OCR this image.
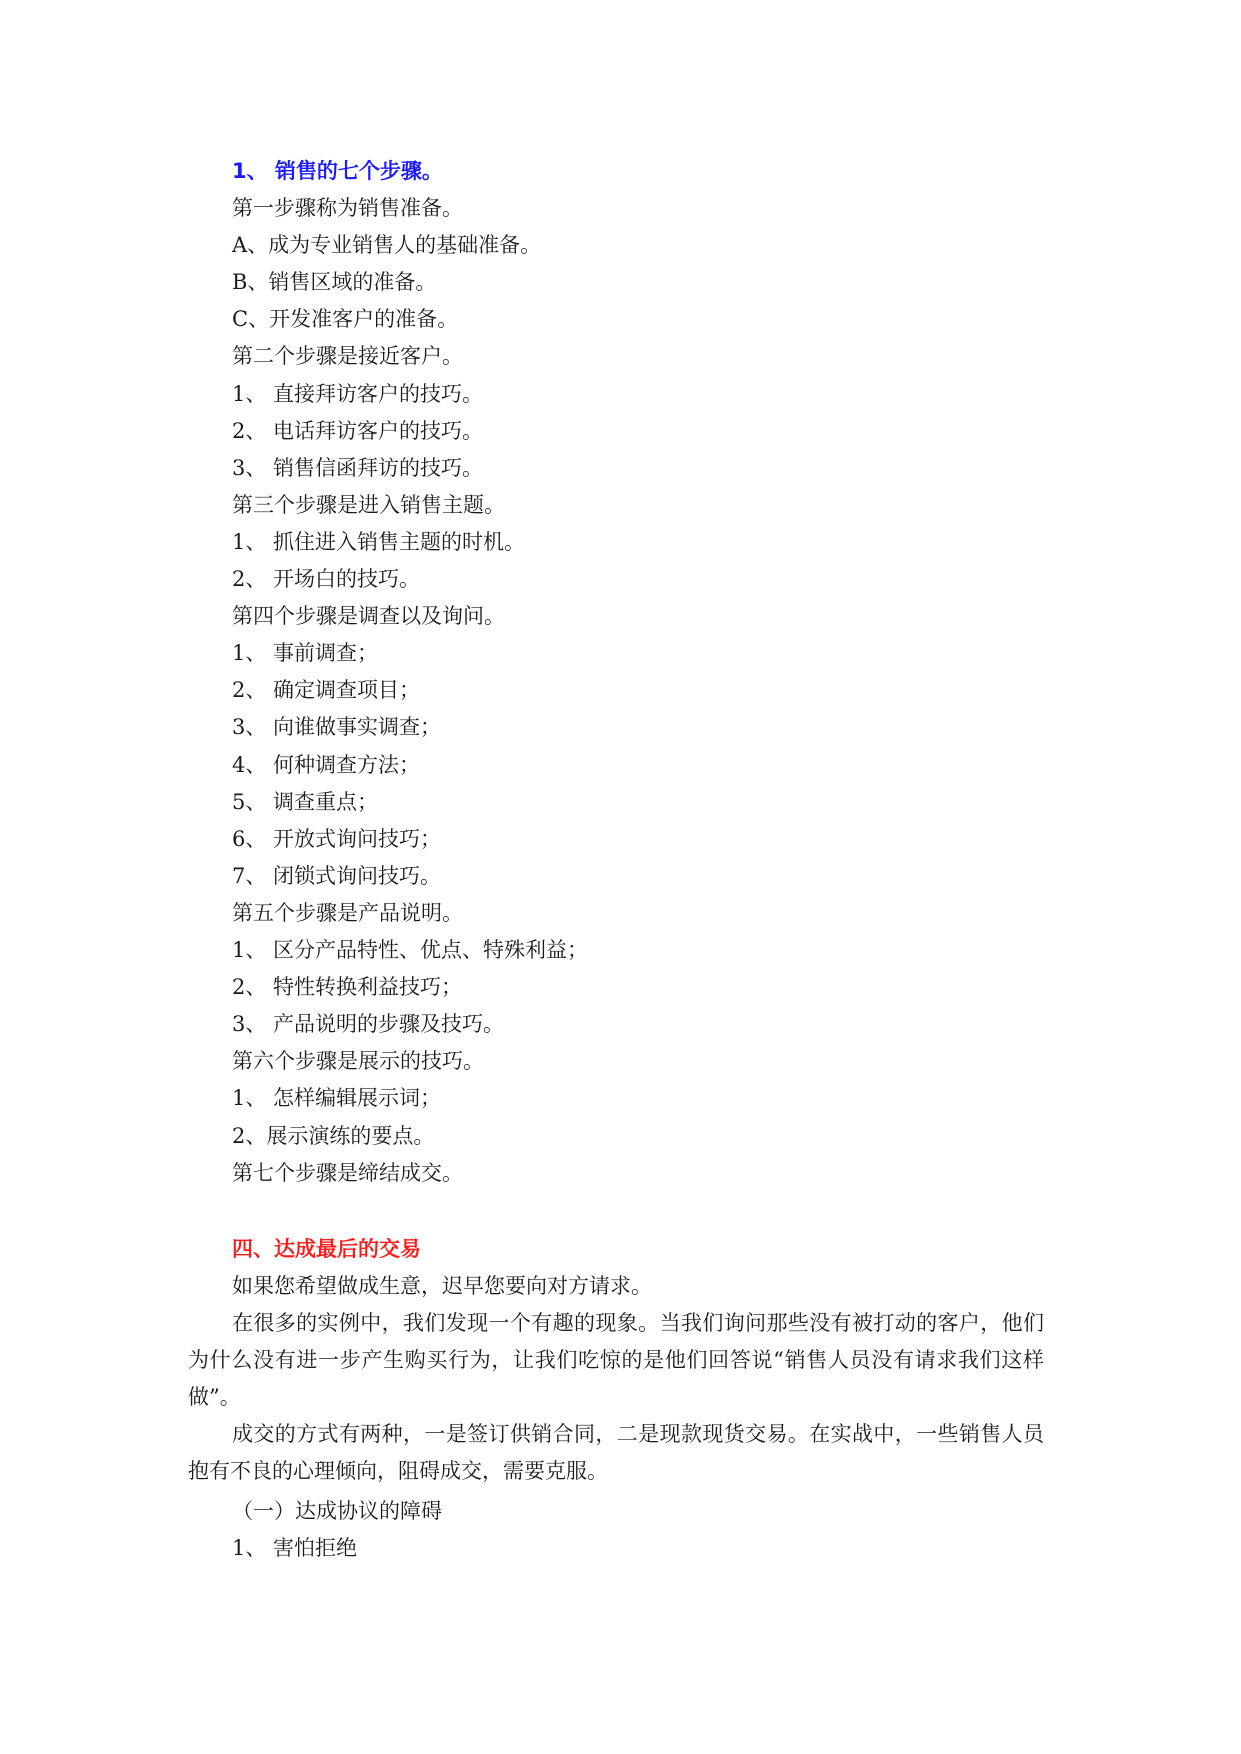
1、 销售的七个步骤。
第一步骤称为销售准备。
A、成为专业销售人的基础准备。
B、销售区域的准备。
C、开发准客户的准备。
第二个步骤是接近客户。
1、 直接拜访客户的技巧。
2、 电话拜访客户的技巧。
3、 销售信函拜访的技巧。
第三个步骤是进入销售主题。
1、 抓住进入销售主题的时机。
2、 开场白的技巧。
第四个步骤是调查以及询问。
1、 事前调查；
2、 确定调查项目；
3、 向谁做事实调查；
4、 何种调查方法；
5、 调查重点；
6、 开放式询问技巧；
7、 闭锁式询问技巧。
第五个步骤是产品说明。
1、 区分产品特性、优点、特殊利益；
2、 特性转换利益技巧；
3、 产品说明的步骤及技巧。
第六个步骤是展示的技巧。
1、 怎样编辑展示词；
2、展示演练的要点。
第七个步骤是缔结成交。
四、达成最后的交易
如果您希望做成生意，迟早您要向对方请求。
在很多的实例中，我们发现一个有趣的现象。当我们询问那些没有被打动的客户，他们为什么没有进一步产生购买行为，让我们吃惊的是他们回答说“销售人员没有请求我们这样做”。
成交的方式有两种，一是签订供销合同，二是现款现货交易。在实战中，一些销售人员抱有不良的心理倾向，阻碍成交，需要克服。
（一）达成协议的障碍
1、 害怕拒绝
